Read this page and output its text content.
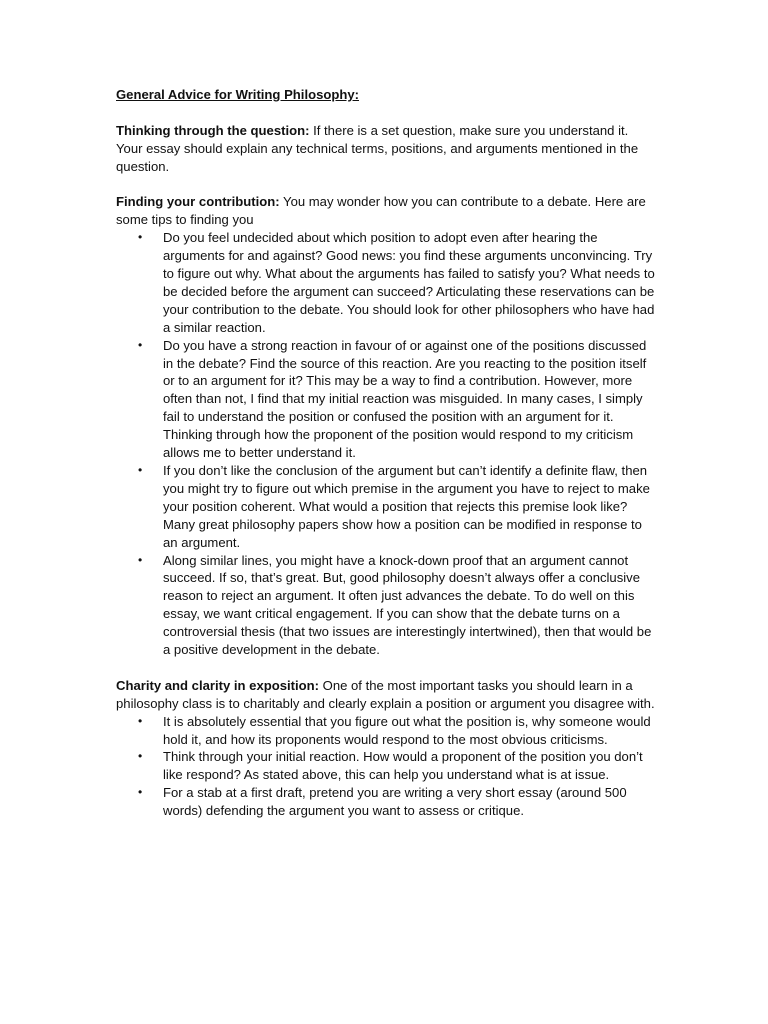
General Advice for Writing Philosophy:

Thinking through the question: If there is a set question, make sure you understand it. Your essay should explain any technical terms, positions, and arguments mentioned in the question.

Finding your contribution: You may wonder how you can contribute to a debate. Here are some tips to finding you

• Do you feel undecided about which position to adopt even after hearing the arguments for and against? Good news: you find these arguments unconvincing. Try to figure out why. What about the arguments has failed to satisfy you? What needs to be decided before the argument can succeed? Articulating these reservations can be your contribution to the debate. You should look for other philosophers who have had a similar reaction.
• Do you have a strong reaction in favour of or against one of the positions discussed in the debate? Find the source of this reaction. Are you reacting to the position itself or to an argument for it? This may be a way to find a contribution. However, more often than not, I find that my initial reaction was misguided. In many cases, I simply fail to understand the position or confused the position with an argument for it. Thinking through how the proponent of the position would respond to my criticism allows me to better understand it.
• If you don’t like the conclusion of the argument but can’t identify a definite flaw, then you might try to figure out which premise in the argument you have to reject to make your position coherent. What would a position that rejects this premise look like? Many great philosophy papers show how a position can be modified in response to an argument.
• Along similar lines, you might have a knock-down proof that an argument cannot succeed. If so, that’s great. But, good philosophy doesn’t always offer a conclusive reason to reject an argument. It often just advances the debate. To do well on this essay, we want critical engagement. If you can show that the debate turns on a controversial thesis (that two issues are interestingly intertwined), then that would be a positive development in the debate.

Charity and clarity in exposition: One of the most important tasks you should learn in a philosophy class is to charitably and clearly explain a position or argument you disagree with.

• It is absolutely essential that you figure out what the position is, why someone would hold it, and how its proponents would respond to the most obvious criticisms.
• Think through your initial reaction. How would a proponent of the position you don’t like respond? As stated above, this can help you understand what is at issue.
• For a stab at a first draft, pretend you are writing a very short essay (around 500 words) defending the argument you want to assess or critique.
